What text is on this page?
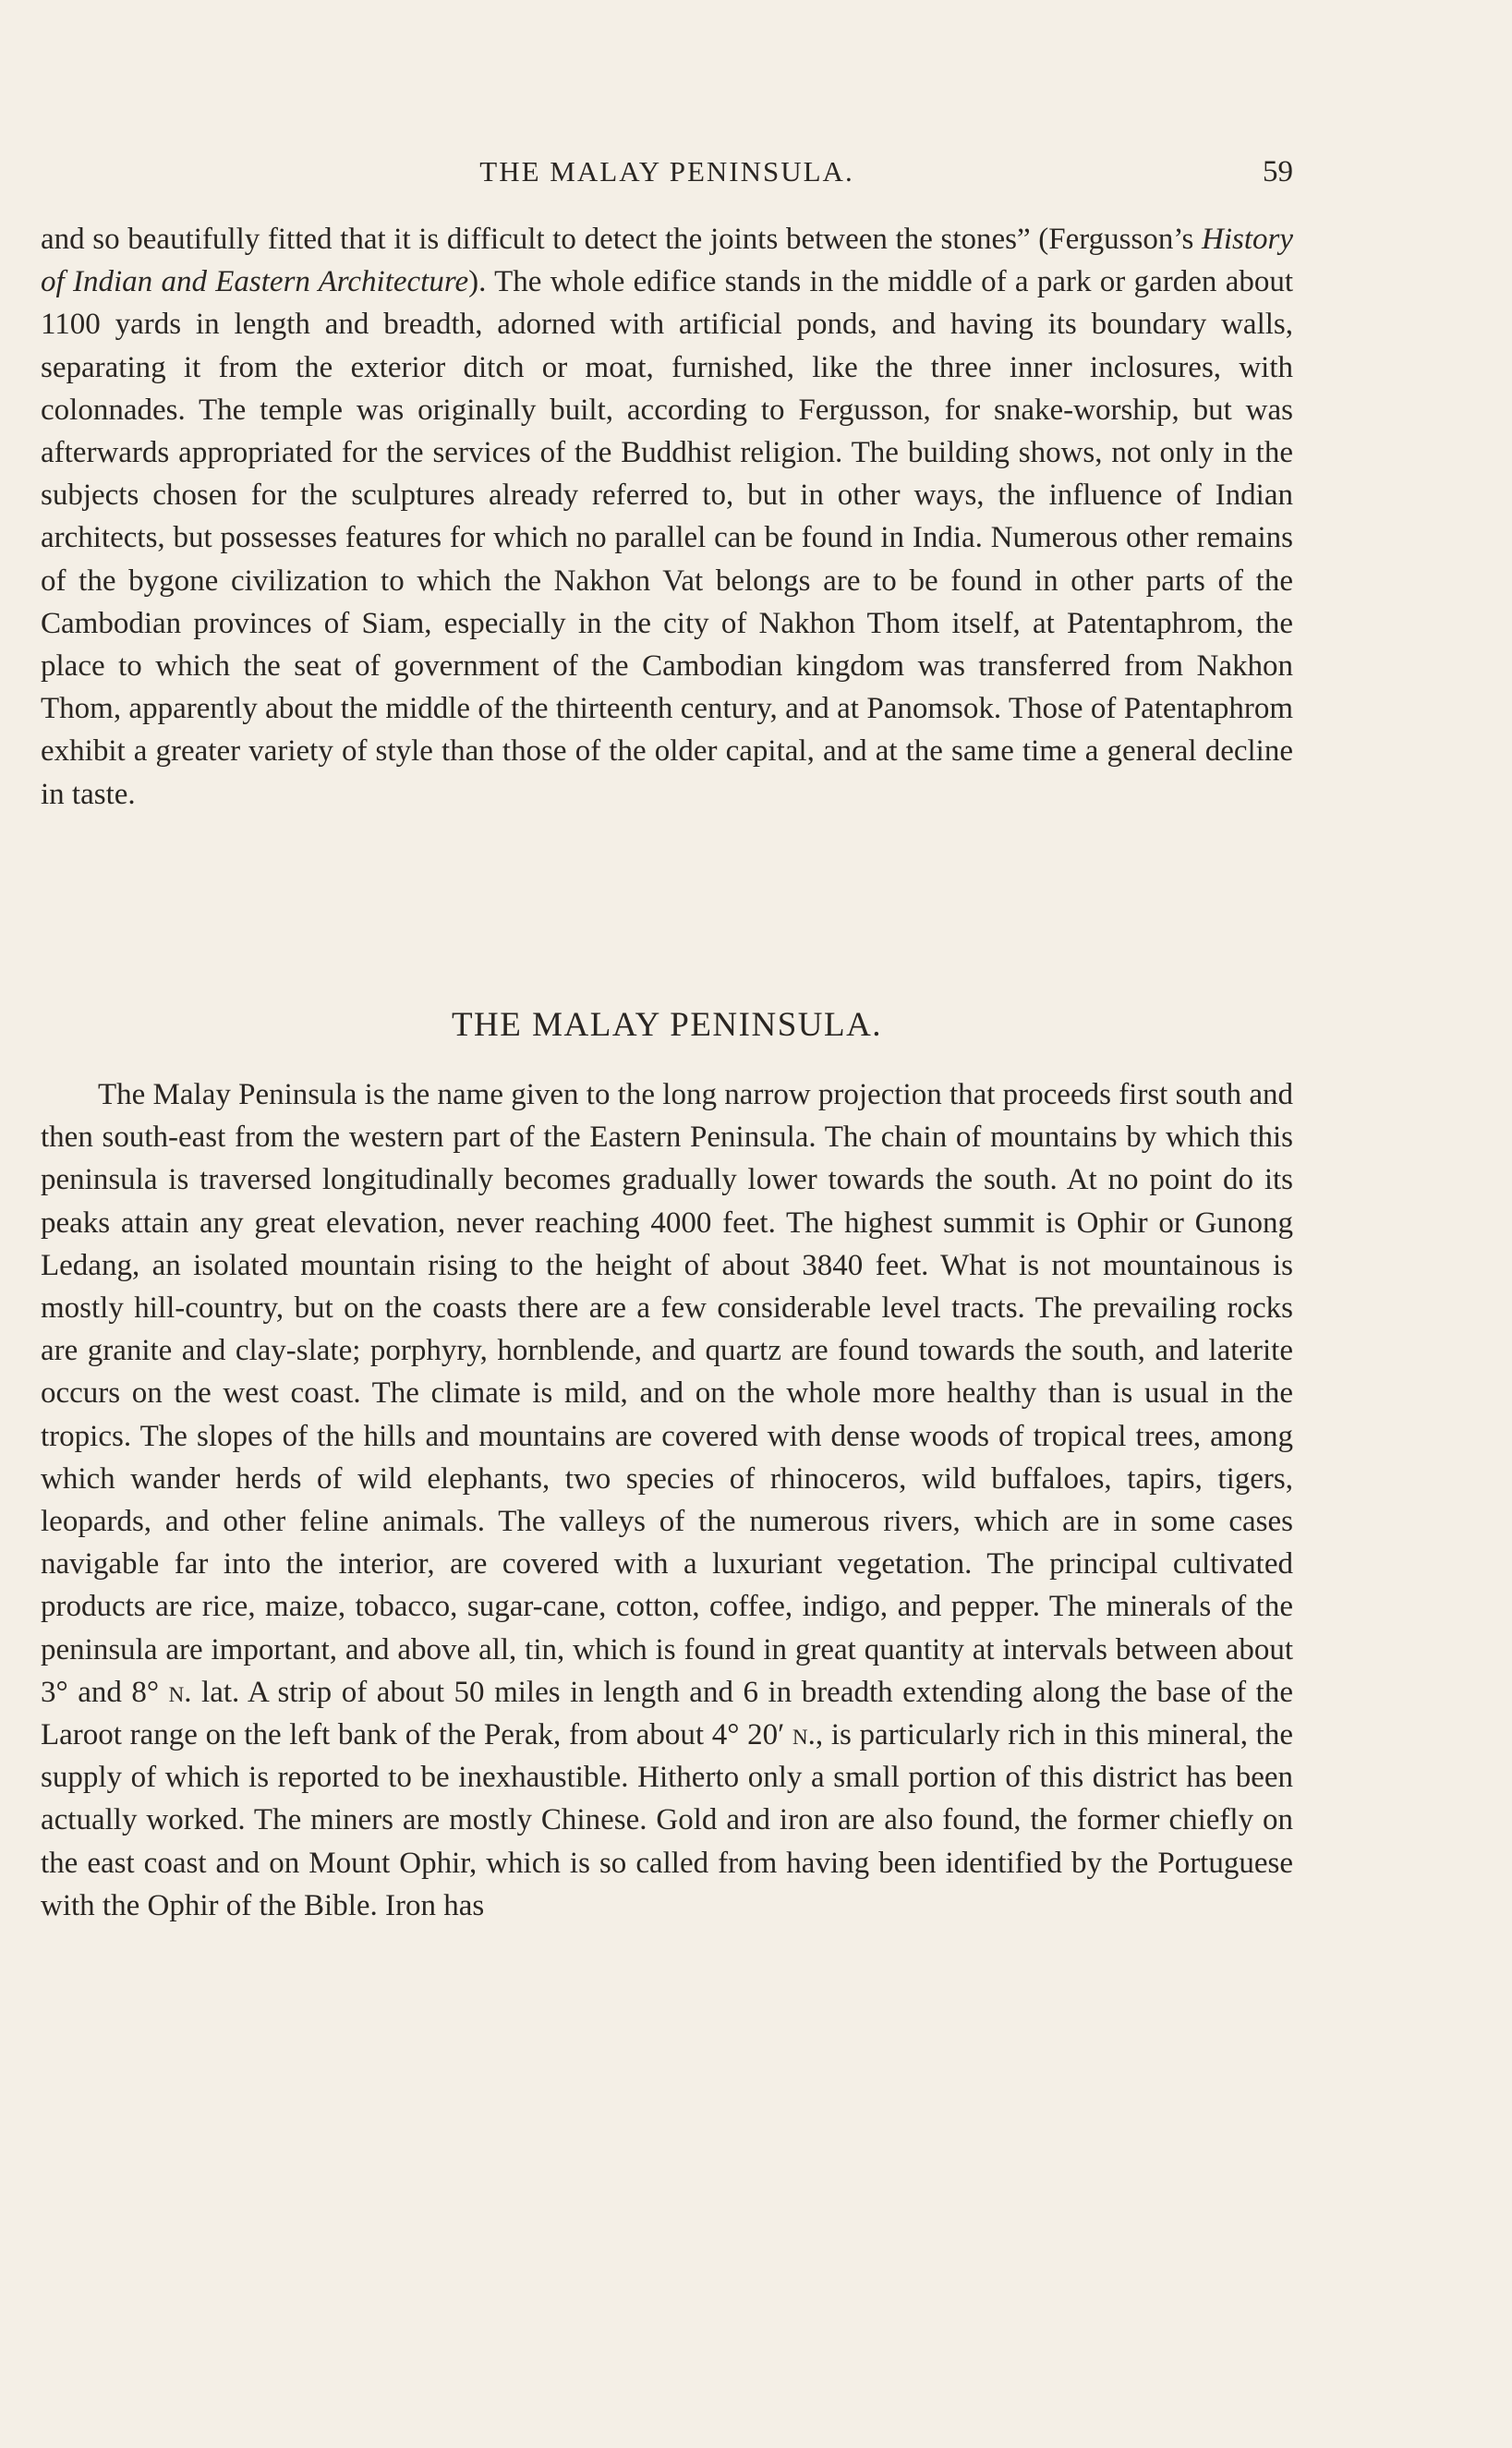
THE MALAY PENINSULA.	59
and so beautifully fitted that it is difficult to detect the joints between the stones” (Fergusson’s History of Indian and Eastern Architecture). The whole edifice stands in the middle of a park or garden about 1100 yards in length and breadth, adorned with artificial ponds, and having its boundary walls, separating it from the exterior ditch or moat, furnished, like the three inner inclosures, with colonnades. The temple was originally built, according to Fergusson, for snake-worship, but was afterwards appropriated for the services of the Buddhist religion. The building shows, not only in the subjects chosen for the sculptures already referred to, but in other ways, the influence of Indian architects, but possesses features for which no parallel can be found in India. Numerous other remains of the bygone civilization to which the Nakhon Vat belongs are to be found in other parts of the Cambodian provinces of Siam, especially in the city of Nakhon Thom itself, at Patentaphrom, the place to which the seat of government of the Cambodian kingdom was transferred from Nakhon Thom, apparently about the middle of the thirteenth century, and at Panomsok. Those of Patentaphrom exhibit a greater variety of style than those of the older capital, and at the same time a general decline in taste.
THE MALAY PENINSULA.
The Malay Peninsula is the name given to the long narrow projection that proceeds first south and then south-east from the western part of the Eastern Peninsula. The chain of mountains by which this peninsula is traversed longitudinally becomes gradually lower towards the south. At no point do its peaks attain any great elevation, never reaching 4000 feet. The highest summit is Ophir or Gunong Ledang, an isolated mountain rising to the height of about 3840 feet. What is not mountainous is mostly hill-country, but on the coasts there are a few considerable level tracts. The prevailing rocks are granite and clay-slate; porphyry, hornblende, and quartz are found towards the south, and laterite occurs on the west coast. The climate is mild, and on the whole more healthy than is usual in the tropics. The slopes of the hills and mountains are covered with dense woods of tropical trees, among which wander herds of wild elephants, two species of rhinoceros, wild buffaloes, tapirs, tigers, leopards, and other feline animals. The valleys of the numerous rivers, which are in some cases navigable far into the interior, are covered with a luxuriant vegetation. The principal cultivated products are rice, maize, tobacco, sugar-cane, cotton, coffee, indigo, and pepper. The minerals of the peninsula are important, and above all, tin, which is found in great quantity at intervals between about 3° and 8° n. lat. A strip of about 50 miles in length and 6 in breadth extending along the base of the Laroot range on the left bank of the Perak, from about 4° 20′ n., is particularly rich in this mineral, the supply of which is reported to be inexhaustible. Hitherto only a small portion of this district has been actually worked. The miners are mostly Chinese. Gold and iron are also found, the former chiefly on the east coast and on Mount Ophir, which is so called from having been identified by the Portuguese with the Ophir of the Bible. Iron has
